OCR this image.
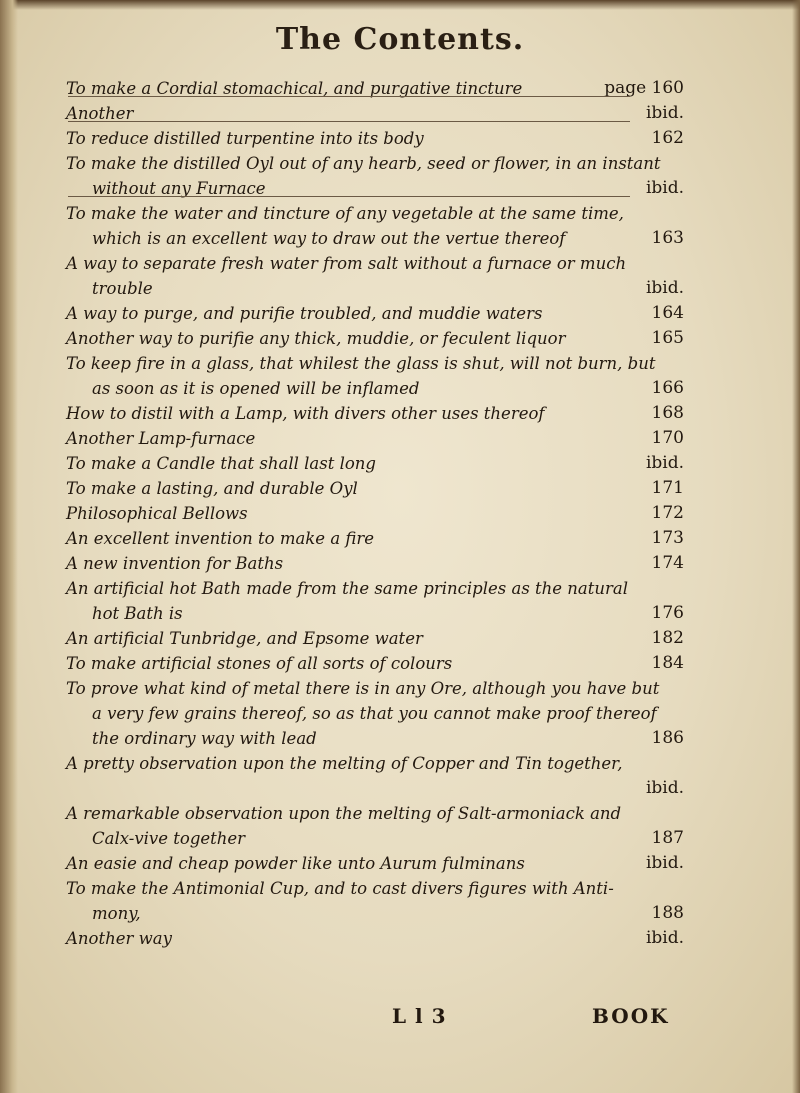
The Contents.
To make a Cordial stomachical, and purgative tincture	page 160
Another	ibid.
To reduce distilled turpentine into its body	162
To make the distilled Oyl out of any hearb, seed or flower, in an instant
without any Furnace	ibid.
To make the water and tincture of any vegetable at the same time,
which is an excellent way to draw out the vertue thereof	163
A way to separate fresh water from salt without a furnace or much
trouble	ibid.
A way to purge, and purifie troubled, and muddie waters	164
Another way to purifie any thick, muddie, or feculent liquor	165
To keep fire in a glass, that whilest the glass is shut, will not burn, but
as soon as it is opened will be inflamed	166
How to distil with a Lamp, with divers other uses thereof	168
Another Lamp-furnace	170
To make a Candle that shall last long	ibid.
To make a lasting, and durable Oyl	171
Philosophical Bellows	172
An excellent invention to make a fire	173
A new invention for Baths	174
An artificial hot Bath made from the same principles as the natural
hot Bath is	176
An artificial Tunbridge, and Epsome water	182
To make artificial stones of all sorts of colours	184
To prove what kind of metal there is in any Ore, although you have but
a very few grains thereof, so as that you cannot make proof thereof
the ordinary way with lead	186
A pretty observation upon the melting of Copper and Tin together,
ibid.
A remarkable observation upon the melting of Salt-armoniack and
Calx-vive together	187
An easie and cheap powder like unto Aurum fulminans	ibid.
To make the Antimonial Cup, and to cast divers figures with Anti-
mony,	188
Another way	ibid.
L l 3	BOOK
